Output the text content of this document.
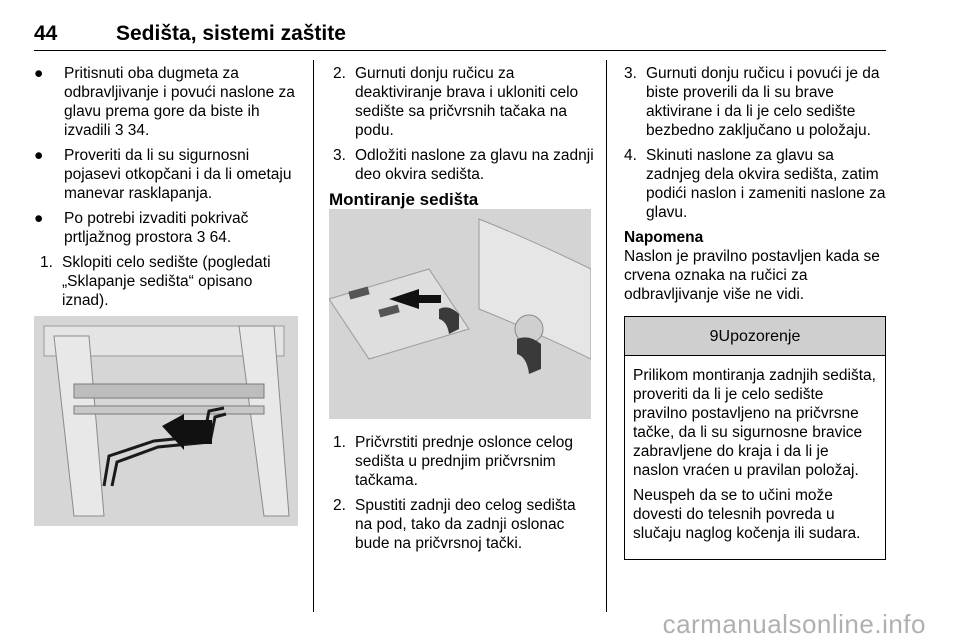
44	Sedišta, sistemi zaštite
●	Pritisnuti oba dugmeta za odbravljivanje i povući naslone za glavu prema gore da biste ih izvadili 3 34.

●	Proveriti da li su sigurnosni pojasevi otkopčani i da li ometaju manevar rasklapanja.

●	Po potrebi izvaditi pokrivač prtljažnog prostora 3 64.

1. Sklopiti celo sedište (pogledati „Sklapanje sedišta“ opisano iznad).

2. Gurnuti donju ručicu za deaktiviranje brava i ukloniti celo sedište sa pričvrsnih tačaka na podu.

3. Odložiti naslone za glavu na zadnji deo okvira sedišta.

Montiranje sedišta

1. Pričvrstiti prednje oslonce celog sedišta u prednjim pričvrsnim tačkama.

2. Spustiti zadnji deo celog sedišta na pod, tako da zadnji oslonac bude na pričvrsnoj tački.

3. Gurnuti donju ručicu i povući je da biste proverili da li su brave aktivirane i da li je celo sedište bezbedno zaključano u položaju.

4. Skinuti naslone za glavu sa zadnjeg dela okvira sedišta, zatim podići naslon i zameniti naslone za glavu.

Napomena

Naslon je pravilno postavljen kada se crvena oznaka na ručici za odbravljivanje više ne vidi.

9 Upozorenje

Prilikom montiranja zadnjih sedišta, proveriti da li je celo sedište pravilno postavljeno na pričvrsne tačke, da li su sigurnosne bravice zabravljene do kraja i da li je naslon vraćen u pravilan položaj.

Neuspeh da se to učini može dovesti do telesnih povreda u slučaju naglog kočenja ili sudara.

carmanualsonline.info
